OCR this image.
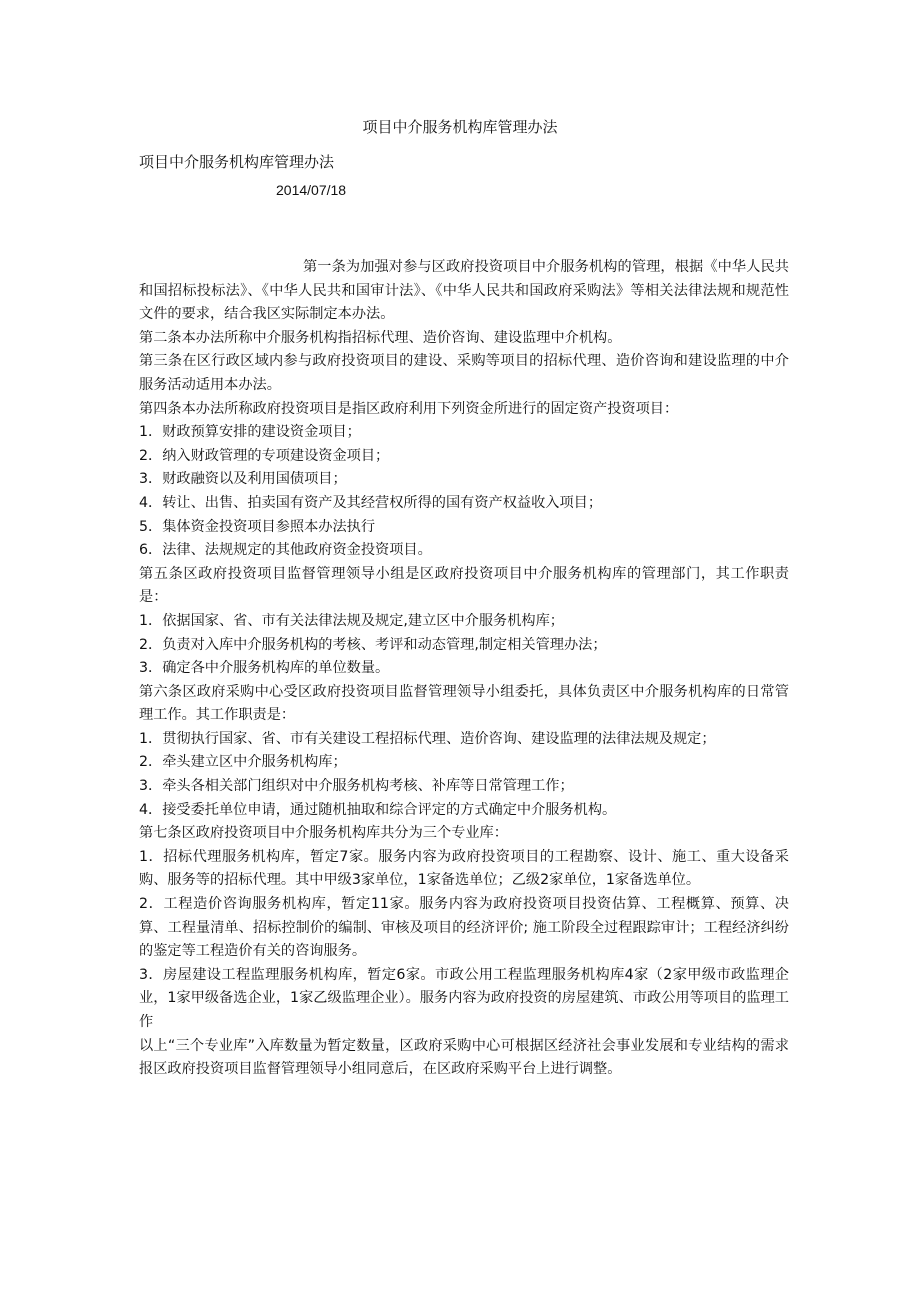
项目中介服务机构库管理办法
项目中介服务机构库管理办法
2014/07/18

第一条为加强对参与区政府投资项目中介服务机构的管理，根据《中华人民共和国招标投标法》、《中华人民共和国审计法》、《中华人民共和国政府采购法》等相关法律法规和规范性文件的要求，结合我区实际制定本办法。

第二条本办法所称中介服务机构指招标代理、造价咨询、建设监理中介机构。

第三条在区行政区域内参与政府投资项目的建设、采购等项目的招标代理、造价咨询和建设监理的中介服务活动适用本办法。

第四条本办法所称政府投资项目是指区政府利用下列资金所进行的固定资产投资项目：

1．财政预算安排的建设资金项目；

2．纳入财政管理的专项建设资金项目；

3．财政融资以及利用国债项目；

4．转让、出售、拍卖国有资产及其经营权所得的国有资产权益收入项目；

5．集体资金投资项目参照本办法执行

6．法律、法规规定的其他政府资金投资项目。

第五条区政府投资项目监督管理领导小组是区政府投资项目中介服务机构库的管理部门，其工作职责是：

1．依据国家、省、市有关法律法规及规定,建立区中介服务机构库；

2．负责对入库中介服务机构的考核、考评和动态管理,制定相关管理办法；

3．确定各中介服务机构库的单位数量。

第六条区政府采购中心受区政府投资项目监督管理领导小组委托，具体负责区中介服务机构库的日常管理工作。其工作职责是：

1．贯彻执行国家、省、市有关建设工程招标代理、造价咨询、建设监理的法律法规及规定；

2．牵头建立区中介服务机构库；

3．牵头各相关部门组织对中介服务机构考核、补库等日常管理工作；

4．接受委托单位申请，通过随机抽取和综合评定的方式确定中介服务机构。

第七条区政府投资项目中介服务机构库共分为三个专业库：

1．招标代理服务机构库，暂定7家。服务内容为政府投资项目的工程勘察、设计、施工、重大设备采购、服务等的招标代理。其中甲级3家单位，1家备选单位；乙级2家单位，1家备选单位。

2．工程造价咨询服务机构库，暂定11家。服务内容为政府投资项目投资估算、工程概算、预算、决算、工程量清单、招标控制价的编制、审核及项目的经济评价; 施工阶段全过程跟踪审计；工程经济纠纷的鉴定等工程造价有关的咨询服务。

3．房屋建设工程监理服务机构库，暂定6家。市政公用工程监理服务机构库4家（2家甲级市政监理企业，1家甲级备选企业，1家乙级监理企业）。服务内容为政府投资的房屋建筑、市政公用等项目的监理工作

以上“三个专业库”入库数量为暂定数量，区政府采购中心可根据区经济社会事业发展和专业结构的需求报区政府投资项目监督管理领导小组同意后，在区政府采购平台上进行调整。
